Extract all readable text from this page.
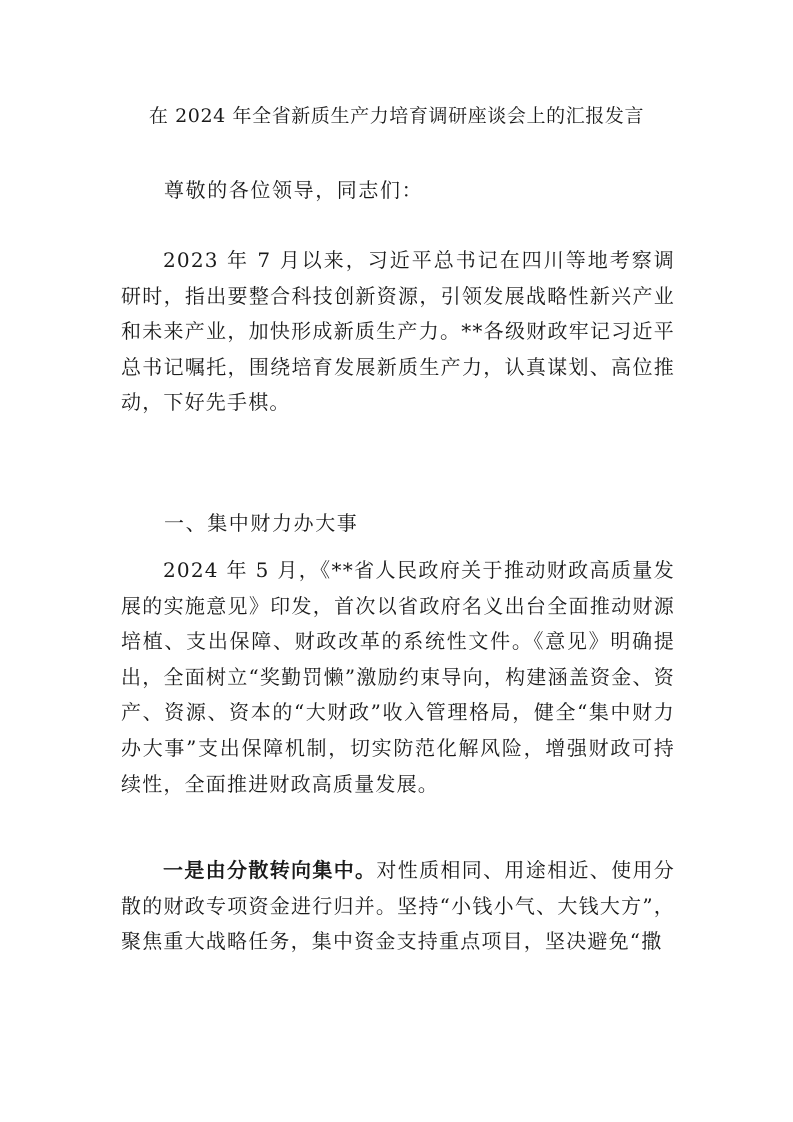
在 2024 年全省新质生产力培育调研座谈会上的汇报发言
尊敬的各位领导，同志们：

2023 年 7 月以来，习近平总书记在四川等地考察调研时，指出要整合科技创新资源，引领发展战略性新兴产业和未来产业，加快形成新质生产力。**各级财政牢记习近平总书记嘱托，围绕培育发展新质生产力，认真谋划、高位推动，下好先手棋。

一、集中财力办大事

2024 年 5 月，《**省人民政府关于推动财政高质量发展的实施意见》印发，首次以省政府名义出台全面推动财源培植、支出保障、财政改革的系统性文件。《意见》明确提出，全面树立“奖勤罚懒”激励约束导向，构建涵盖资金、资产、资源、资本的“大财政”收入管理格局，健全“集中财力办大事”支出保障机制，切实防范化解风险，增强财政可持续性，全面推进财政高质量发展。

一是由分散转向集中。对性质相同、用途相近、使用分散的财政专项资金进行归并。坚持“小钱小气、大钱大方”，聚焦重大战略任务，集中资金支持重点项目，坚决避免“撒
